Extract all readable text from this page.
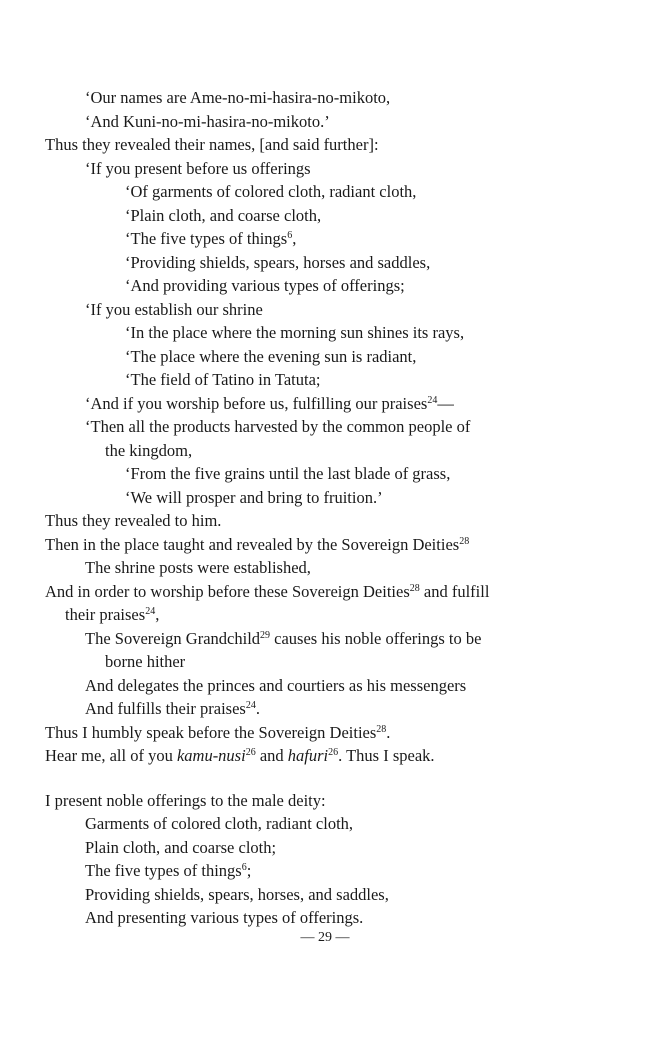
‘Our names are Ame-no-mi-hasira-no-mikoto,
‘And Kuni-no-mi-hasira-no-mikoto.’
Thus they revealed their names, [and said further]:
‘If you present before us offerings
‘Of garments of colored cloth, radiant cloth,
‘Plain cloth, and coarse cloth,
‘The five types of things$^6$,
‘Providing shields, spears, horses and saddles,
‘And providing various types of offerings;
‘If you establish our shrine
‘In the place where the morning sun shines its rays,
‘The place where the evening sun is radiant,
‘The field of Tatino in Tatuta;
‘And if you worship before us, fulfilling our praises$^{24}$—
‘Then all the products harvested by the common people of
the kingdom,
‘From the five grains until the last blade of grass,
‘We will prosper and bring to fruition.’
Thus they revealed to him.
Then in the place taught and revealed by the Sovereign Deities$^{28}$
The shrine posts were established,
And in order to worship before these Sovereign Deities$^{28}$ and fulfill
their praises$^{24}$,
The Sovereign Grandchild$^{29}$ causes his noble offerings to be
borne hither
And delegates the princes and courtiers as his messengers
And fulfills their praises$^{24}$.
Thus I humbly speak before the Sovereign Deities$^{28}$.
Hear me, all of you kamu-nusi$^{26}$ and hafuri$^{26}$. Thus I speak.
I present noble offerings to the male deity:
Garments of colored cloth, radiant cloth,
Plain cloth, and coarse cloth;
The five types of things$^6$;
Providing shields, spears, horses, and saddles,
And presenting various types of offerings.
— 29 —
